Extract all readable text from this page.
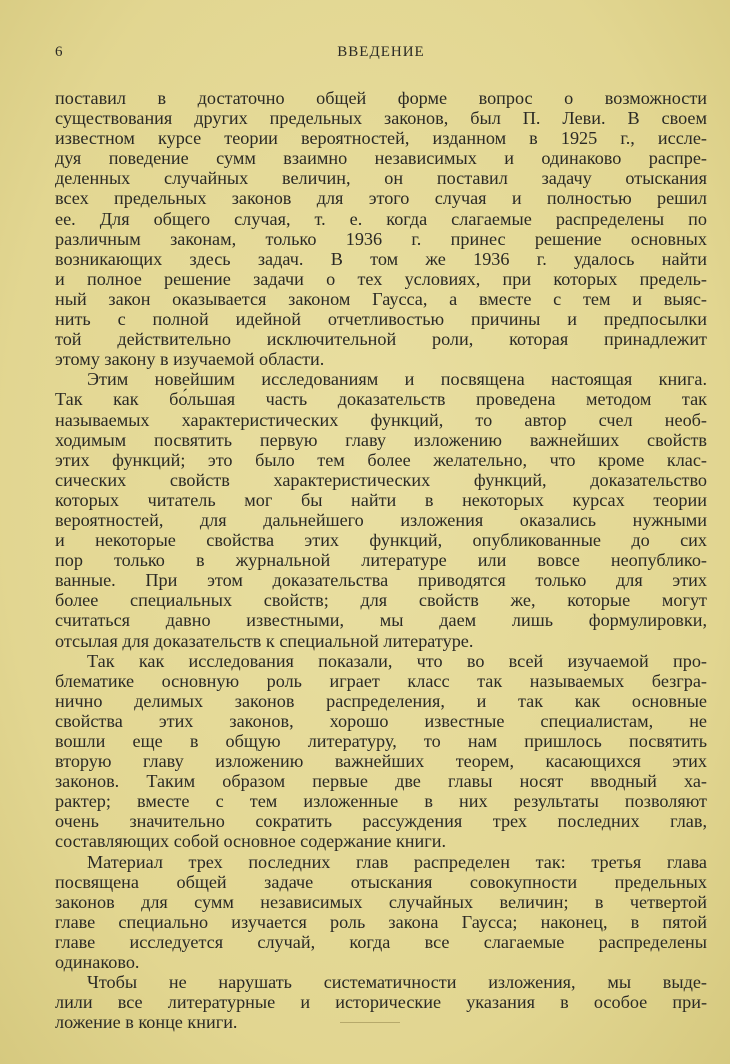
6	ВВЕДЕНИЕ
поставил в достаточно общей форме вопрос о возможности
существования других предельных законов, был П. Леви. В своем
известном курсе теории вероятностей, изданном в 1925 г., иссле-
дуя поведение сумм взаимно независимых и одинаково распре-
деленных случайных величин, он поставил задачу отыскания
всех предельных законов для этого случая и полностью решил
ее. Для общего случая, т. е. когда слагаемые распределены по
различным законам, только 1936 г. принес решение основных
возникающих здесь задач. В том же 1936 г. удалось найти
и полное решение задачи о тех условиях, при которых предель-
ный закон оказывается законом Гаусса, а вместе с тем и выяс-
нить с полной идейной отчетливостью причины и предпосылки
той действительно исключительной роли, которая принадлежит
этому закону в изучаемой области.
Этим новейшим исследованиям и посвящена настоящая книга.
Так как бо́льшая часть доказательств проведена методом так
называемых характеристических функций, то автор счел необ-
ходимым посвятить первую главу изложению важнейших свойств
этих функций; это было тем более желательно, что кроме клас-
сических свойств характеристических функций, доказательство
которых читатель мог бы найти в некоторых курсах теории
вероятностей, для дальнейшего изложения оказались нужными
и некоторые свойства этих функций, опубликованные до сих
пор только в журнальной литературе или вовсе неопублико-
ванные. При этом доказательства приводятся только для этих
более специальных свойств; для свойств же, которые могут
считаться давно известными, мы даем лишь формулировки,
отсылая для доказательств к специальной литературе.
Так как исследования показали, что во всей изучаемой про-
блематике основную роль играет класс так называемых безгра-
нично делимых законов распределения, и так как основные
свойства этих законов, хорошо известные специалистам, не
вошли еще в общую литературу, то нам пришлось посвятить
вторую главу изложению важнейших теорем, касающихся этих
законов. Таким образом первые две главы носят вводный ха-
рактер; вместе с тем изложенные в них результаты позволяют
очень значительно сократить рассуждения трех последних глав,
составляющих собой основное содержание книги.
Материал трех последних глав распределен так: третья глава
посвящена общей задаче отыскания совокупности предельных
законов для сумм независимых случайных величин; в четвертой
главе специально изучается роль закона Гаусса; наконец, в пятой
главе исследуется случай, когда все слагаемые распределены
одинаково.
Чтобы не нарушать систематичности изложения, мы выде-
лили все литературные и исторические указания в особое при-
ложение в конце книги.
